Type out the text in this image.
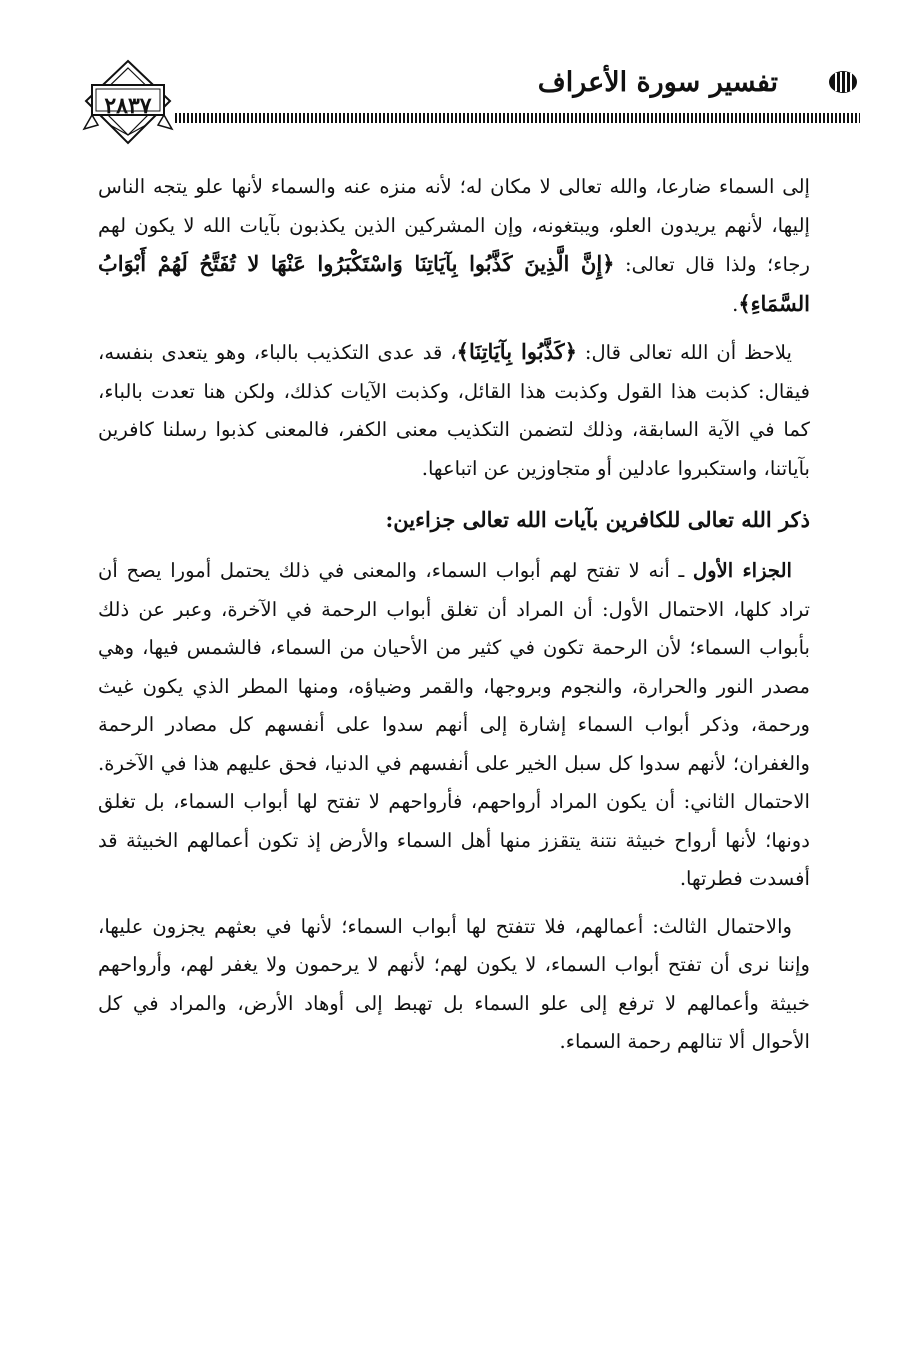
٢٨٣٧
تفسير سورة الأعراف

إلى السماء ضارعا، والله تعالى لا مكان له؛ لأنه منزه عنه والسماء لأنها علو يتجه الناس إليها، لأنهم يريدون العلو، ويبتغونه، وإن المشركين الذين يكذبون بآيات الله لا يكون لهم رجاء؛ ولذا قال تعالى: ﴿إِنَّ الَّذِينَ كَذَّبُوا بِآيَاتِنَا وَاسْتَكْبَرُوا عَنْهَا لا تُفَتَّحُ لَهُمْ أَبْوَابُ السَّمَاءِ﴾.

يلاحظ أن الله تعالى قال: ﴿كَذَّبُوا بِآيَاتِنَا﴾، قد عدى التكذيب بالباء، وهو يتعدى بنفسه، فيقال: كذبت هذا القول وكذبت هذا القائل، وكذبت الآيات كذلك، ولكن هنا تعدت بالباء، كما في الآية السابقة، وذلك لتضمن التكذيب معنى الكفر، فالمعنى كذبوا رسلنا كافرين بآياتنا، واستكبروا عادلين أو متجاوزين عن اتباعها.

ذكر الله تعالى للكافرين بآيات الله تعالى جزاءين:

الجزاء الأول ـ أنه لا تفتح لهم أبواب السماء، والمعنى في ذلك يحتمل أمورا يصح أن تراد كلها، الاحتمال الأول: أن المراد أن تغلق أبواب الرحمة في الآخرة، وعبر عن ذلك بأبواب السماء؛ لأن الرحمة تكون في كثير من الأحيان من السماء، فالشمس فيها، وهي مصدر النور والحرارة، والنجوم وبروجها، والقمر وضياؤه، ومنها المطر الذي يكون غيث ورحمة، وذكر أبواب السماء إشارة إلى أنهم سدوا على أنفسهم كل مصادر الرحمة والغفران؛ لأنهم سدوا كل سبل الخير على أنفسهم في الدنيا، فحق عليهم هذا في الآخرة. الاحتمال الثاني: أن يكون المراد أرواحهم، فأرواحهم لا تفتح لها أبواب السماء، بل تغلق دونها؛ لأنها أرواح خبيثة نتنة يتقزز منها أهل السماء والأرض إذ تكون أعمالهم الخبيثة قد أفسدت فطرتها.

والاحتمال الثالث: أعمالهم، فلا تتفتح لها أبواب السماء؛ لأنها في بعثهم يجزون عليها، وإننا نرى أن تفتح أبواب السماء، لا يكون لهم؛ لأنهم لا يرحمون ولا يغفر لهم، وأرواحهم خبيثة وأعمالهم لا ترفع إلى علو السماء بل تهبط إلى أوهاد الأرض، والمراد في كل الأحوال ألا تنالهم رحمة السماء.
